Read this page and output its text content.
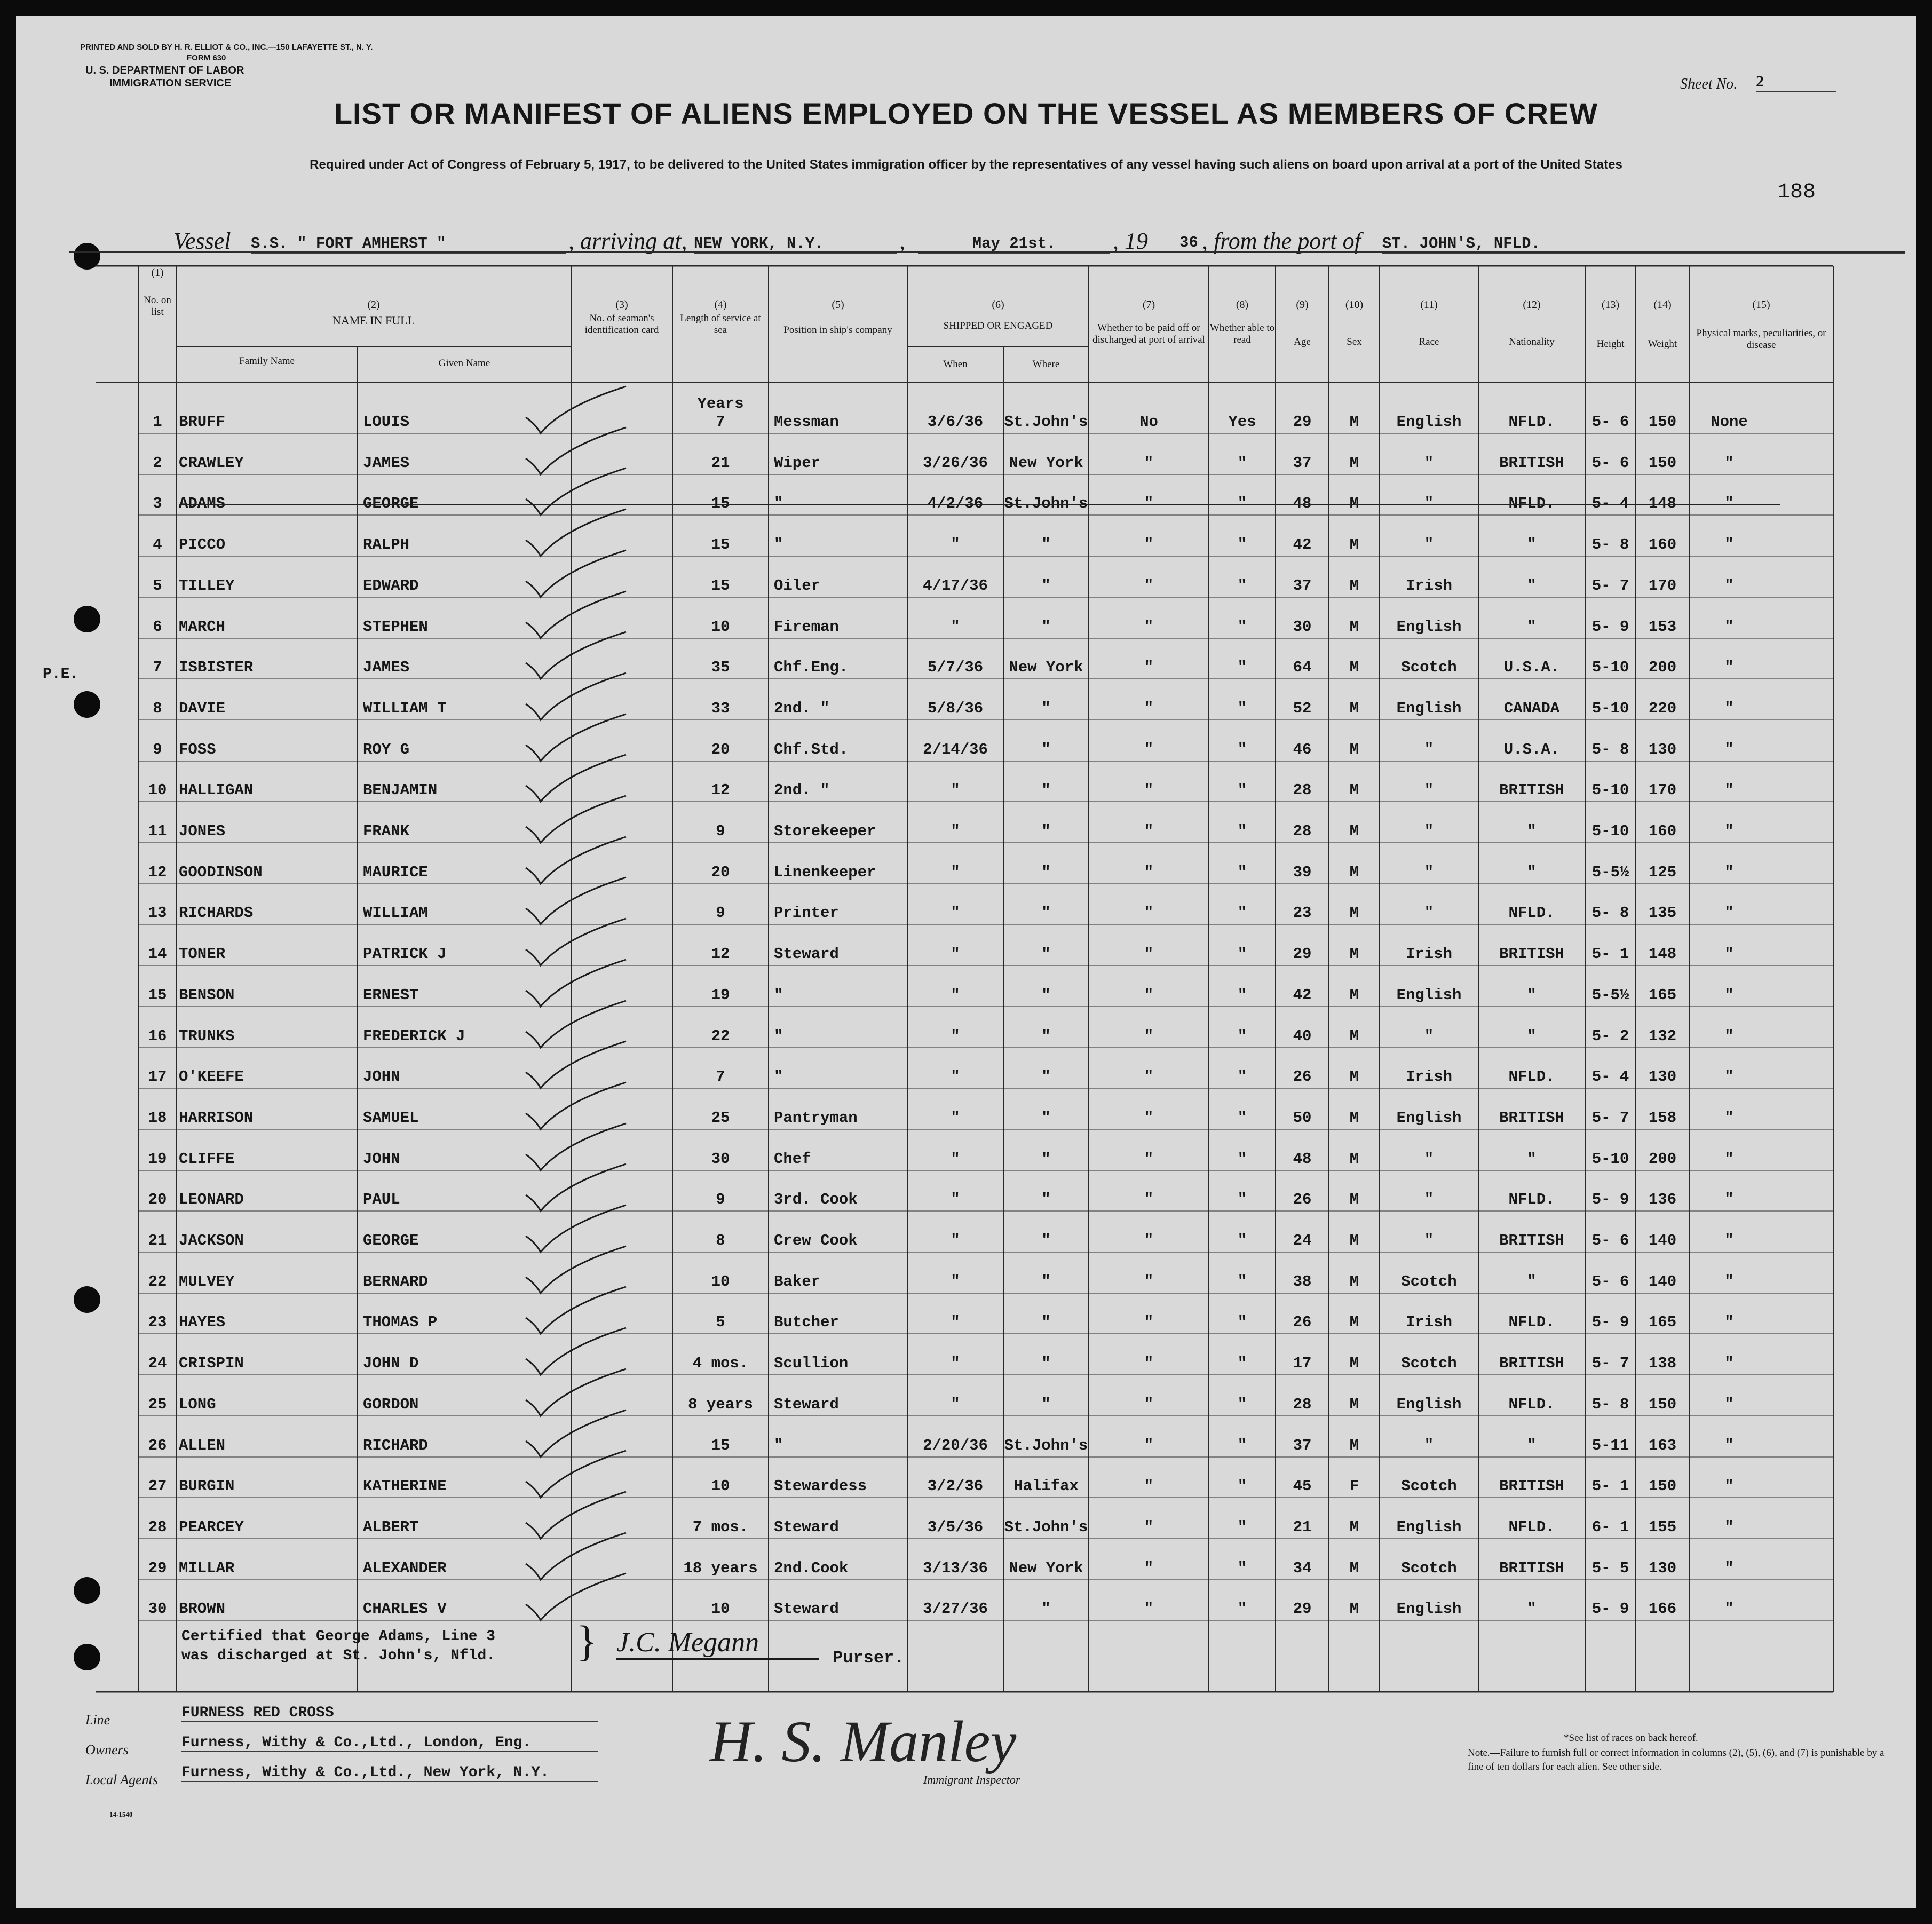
PRINTED AND SOLD BY H. R. ELLIOT & CO., INC.—150 LAFAYETTE ST., N. Y.
FORM 630
U. S. DEPARTMENT OF LABOR
IMMIGRATION SERVICE	Sheet No. 2
188
LIST OR MANIFEST OF ALIENS EMPLOYED ON THE VESSEL AS MEMBERS OF CREW
Required under Act of Congress of February 5, 1917, to be delivered to the United States immigration officer by the representatives of any vessel having such aliens on board upon arrival at a port of the United States
Vessel S.S. " FORT AMHERST "	, arriving at, NEW YORK, N.Y.	,	May 21st.	, 19 36 , from the port of ST. JOHN'S, NFLD.
P.E.
(1)
No. on list
(2)
NAME IN FULL
Family Name	Given Name
(3)
No. of seaman's identification card
(4)
Length of service at sea
(5)
Position in ship's company
(6)
SHIPPED OR ENGAGED
When	Where
(7)
Whether to be paid off or discharged at port of arrival
(8)
Whether able to read
(9)
Age
(10)
Sex
(11)
Race
(12)
Nationality
(13)
Height
(14)
Weight
(15)
Physical marks, peculiarities, or disease
Years
1	BRUFF	LOUIS	7	Messman	3/6/36	St.John's	No	Yes	29	M	English	NFLD.	5- 6	150	None
2	CRAWLEY	JAMES	21	Wiper	3/26/36	New York	"	"	37	M	"	BRITISH	5- 6	150	"
3	ADAMS	GEORGE	15	"	4/2/36	St.John's	"	"	48	M	"	NFLD.	5- 4	148	"
4	PICCO	RALPH	15	"	"	"	"	"	42	M	"	"	5- 8	160	"
5	TILLEY	EDWARD	15	Oiler	4/17/36	"	"	"	37	M	Irish	"	5- 7	170	"
6	MARCH	STEPHEN	10	Fireman	"	"	"	"	30	M	English	"	5- 9	153	"
7	ISBISTER	JAMES	35	Chf.Eng.	5/7/36	New York	"	"	64	M	Scotch	U.S.A.	5-10	200	"
8	DAVIE	WILLIAM T	33	2nd. "	5/8/36	"	"	"	52	M	English	CANADA	5-10	220	"
9	FOSS	ROY G	20	Chf.Std.	2/14/36	"	"	"	46	M	"	U.S.A.	5- 8	130	"
10 HALLIGAN	BENJAMIN	12	2nd. "	"	"	"	"	28	M	"	BRITISH	5-10	170	"
11 JONES	FRANK	9	Storekeeper	"	"	"	"	28	M	"	"	5-10	160	"
12 GOODINSON	MAURICE	20	Linenkeeper	"	"	"	"	39	M	"	"	5-5½	125	"
13 RICHARDS	WILLIAM	9	Printer	"	"	"	"	23	M	"	NFLD.	5- 8	135	"
14 TONER	PATRICK J	12	Steward	"	"	"	"	29	M	Irish	BRITISH	5- 1	148	"
15 BENSON	ERNEST	19	"	"	"	"	"	42	M	English	"	5-5½	165	"
16 TRUNKS	FREDERICK J	22	"	"	"	"	"	40	M	"	"	5- 2	132	"
17 O'KEEFE	JOHN	7	"	"	"	"	"	26	M	Irish	NFLD.	5- 4	130	"
18 HARRISON	SAMUEL	25	Pantryman	"	"	"	"	50	M	English	BRITISH	5- 7	158	"
19 CLIFFE	JOHN	30	Chef	"	"	"	"	48	M	"	"	5-10	200	"
20 LEONARD	PAUL	9	3rd. Cook	"	"	"	"	26	M	"	NFLD.	5- 9	136	"
21 JACKSON	GEORGE	8	Crew Cook	"	"	"	"	24	M	"	BRITISH	5- 6	140	"
22 MULVEY	BERNARD	10	Baker	"	"	"	"	38	M	Scotch	"	5- 6	140	"
23 HAYES	THOMAS P	5	Butcher	"	"	"	"	26	M	Irish	NFLD.	5- 9	165	"
24 CRISPIN	JOHN D	4 mos.	Scullion	"	"	"	"	17	M	Scotch	BRITISH	5- 7	138	"
25 LONG	GORDON	8 years	Steward	"	"	"	"	28	M	English	NFLD.	5- 8	150	"
26 ALLEN	RICHARD	15	"	2/20/36	St.John's	"	"	37	M	"	"	5-11	163	"
27 BURGIN	KATHERINE	10	Stewardess	3/2/36	Halifax	"	"	45	F	Scotch	BRITISH	5- 1	150	"
28 PEARCEY	ALBERT	7 mos.	Steward	3/5/36	St.John's	"	"	21	M	English	NFLD.	6- 1	155	"
29 MILLAR	ALEXANDER	18 years	2nd.Cook	3/13/36	New York	"	"	34	M	Scotch	BRITISH	5- 5	130	"
30 BROWN	CHARLES V	10	Steward	3/27/36	"	"	"	29	M	English	"	5- 9	166	"
Certified that George Adams, Line 3
was discharged at St. John's, Nfld. } J.C. Megann
Purser.
Line	FURNESS RED CROSS
Owners	Furness, Withy & Co.,Ltd., London, Eng.
Local Agents Furness, Withy & Co.,Ltd., New York, N.Y.	H. S. Manley
Immigrant Inspector
*See list of races on back hereof.
Note.—Failure to furnish full or correct information in columns (2), (5), (6), and (7) is punishable by a fine of ten dollars for each alien. See other side.
14-1540
